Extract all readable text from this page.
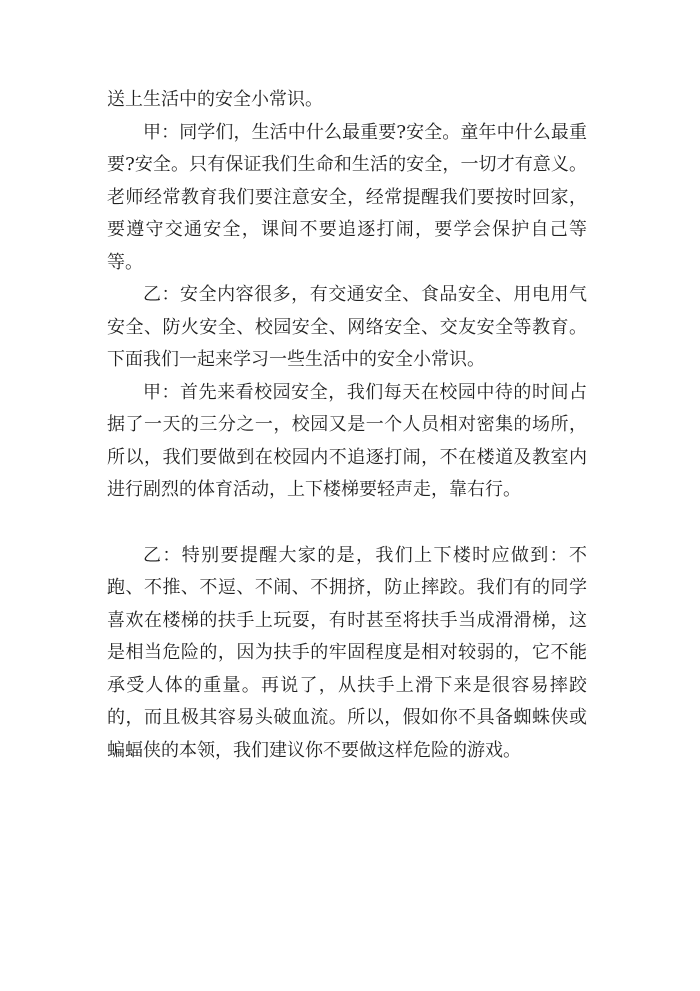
送上生活中的安全小常识。

甲：同学们，生活中什么最重要?安全。童年中什么最重要?安全。只有保证我们生命和生活的安全，一切才有意义。老师经常教育我们要注意安全，经常提醒我们要按时回家，要遵守交通安全，课间不要追逐打闹，要学会保护自己等等。

乙：安全内容很多，有交通安全、食品安全、用电用气安全、防火安全、校园安全、网络安全、交友安全等教育。下面我们一起来学习一些生活中的安全小常识。

甲：首先来看校园安全，我们每天在校园中待的时间占据了一天的三分之一，校园又是一个人员相对密集的场所，所以，我们要做到在校园内不追逐打闹，不在楼道及教室内进行剧烈的体育活动，上下楼梯要轻声走，靠右行。

乙：特别要提醒大家的是，我们上下楼时应做到：不跑、不推、不逗、不闹、不拥挤，防止摔跤。我们有的同学喜欢在楼梯的扶手上玩耍，有时甚至将扶手当成滑滑梯，这是相当危险的，因为扶手的牢固程度是相对较弱的，它不能承受人体的重量。再说了，从扶手上滑下来是很容易摔跤的，而且极其容易头破血流。所以，假如你不具备蜘蛛侠或蝙蝠侠的本领，我们建议你不要做这样危险的游戏。
